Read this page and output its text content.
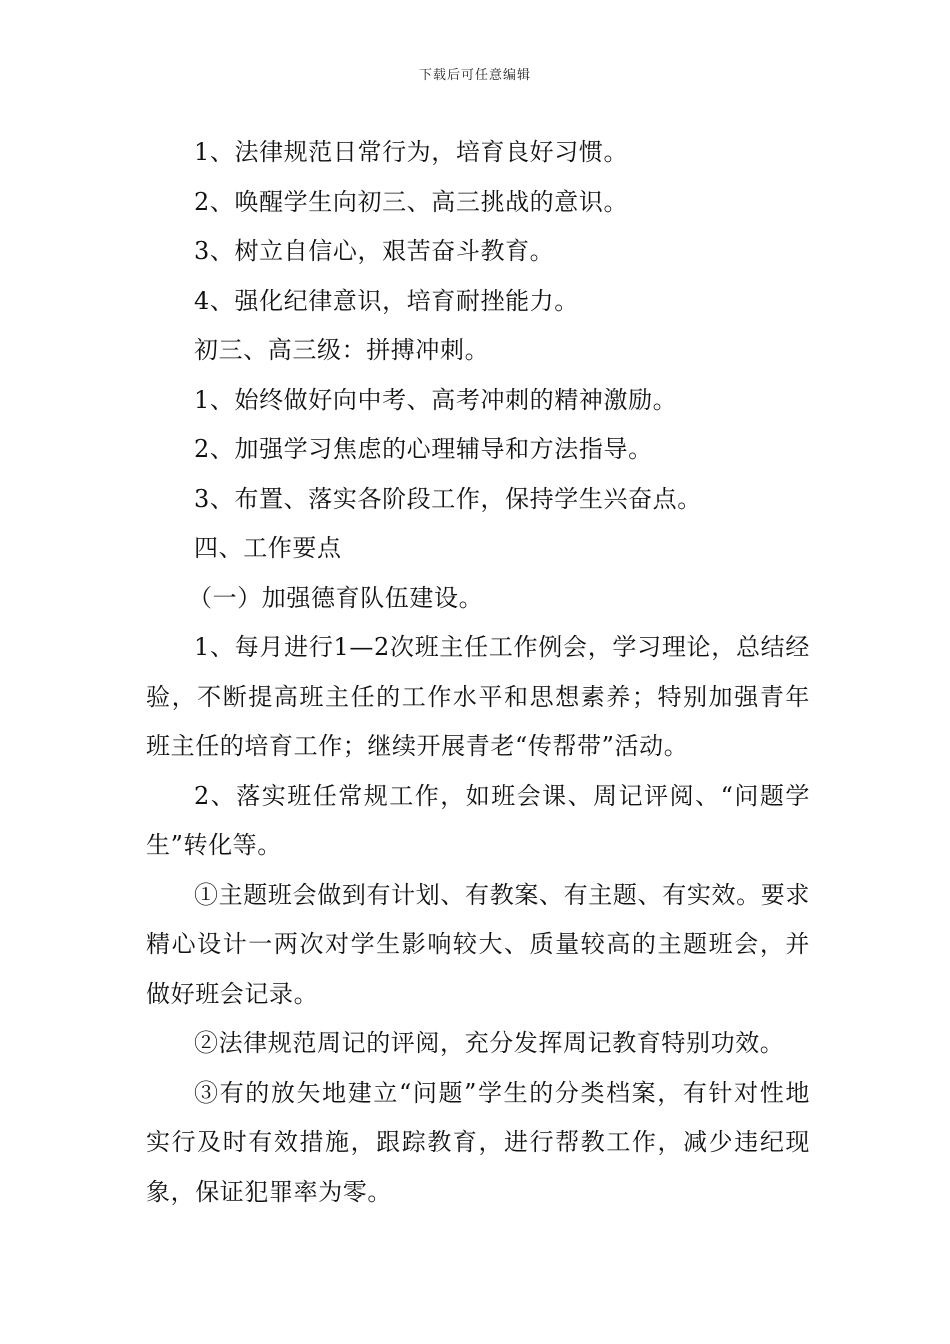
下载后可任意编辑

1、法律规范日常行为，培育良好习惯。

2、唤醒学生向初三、高三挑战的意识。

3、树立自信心，艰苦奋斗教育。

4、强化纪律意识，培育耐挫能力。

初三、高三级：拼搏冲刺。

1、始终做好向中考、高考冲刺的精神激励。

2、加强学习焦虑的心理辅导和方法指导。

3、布置、落实各阶段工作，保持学生兴奋点。

四、工作要点

（一）加强德育队伍建设。

1、每月进行1—2次班主任工作例会，学习理论，总结经验，不断提高班主任的工作水平和思想素养；特别加强青年班主任的培育工作；继续开展青老“传帮带”活动。

2、落实班任常规工作，如班会课、周记评阅、“问题学生”转化等。

①主题班会做到有计划、有教案、有主题、有实效。要求精心设计一两次对学生影响较大、质量较高的主题班会，并做好班会记录。

②法律规范周记的评阅，充分发挥周记教育特别功效。

③有的放矢地建立“问题”学生的分类档案，有针对性地实行及时有效措施，跟踪教育，进行帮教工作，减少违纪现象，保证犯罪率为零。
